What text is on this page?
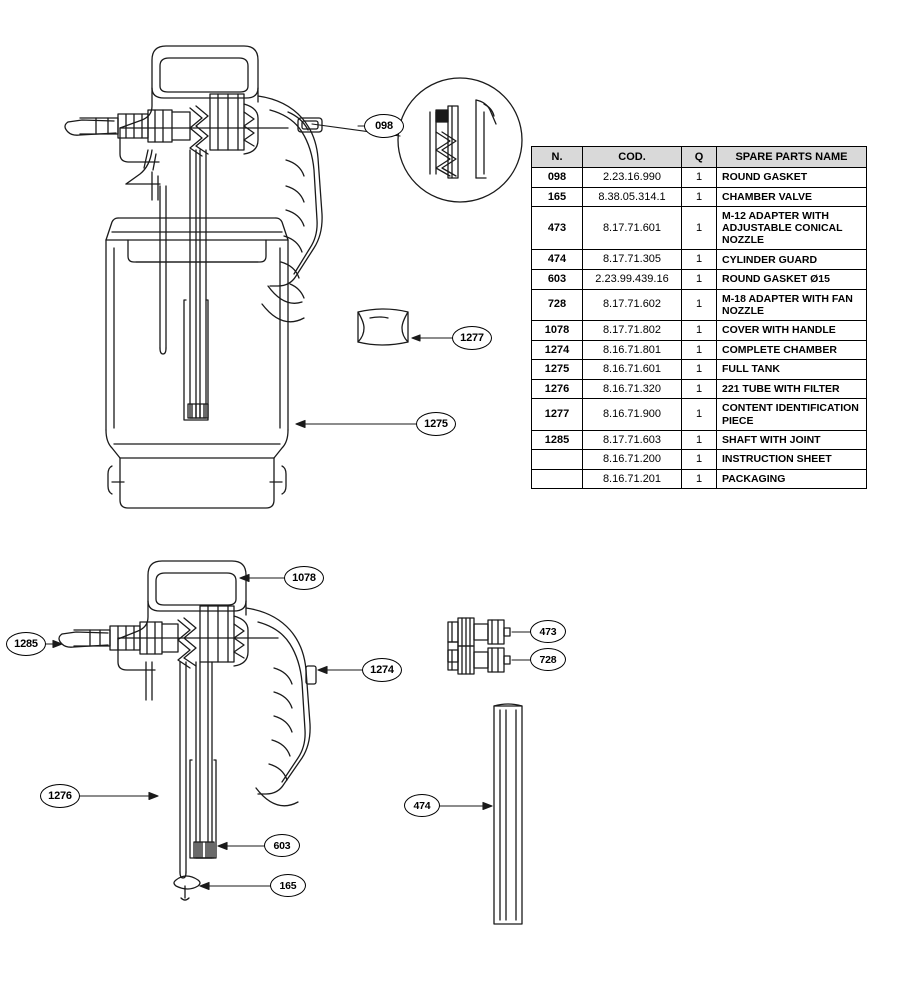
N.	COD.	Q	SPARE PARTS NAME
098	2.23.16.990	1	ROUND GASKET
165	8.38.05.314.1	1	CHAMBER VALVE
473	8.17.71.601	1	M-12 ADAPTER WITH ADJUSTABLE CONICAL NOZZLE
474	8.17.71.305	1	CYLINDER GUARD
603	2.23.99.439.16	1	ROUND GASKET Ø15
728	8.17.71.602	1	M-18 ADAPTER WITH FAN NOZZLE
1078	8.17.71.802	1	COVER WITH HANDLE
1274	8.16.71.801	1	COMPLETE CHAMBER
1275	8.16.71.601	1	FULL TANK
1276	8.16.71.320	1	221 TUBE WITH FILTER
1277	8.16.71.900	1	CONTENT IDENTIFICATION PIECE
1285	8.17.71.603	1	SHAFT WITH JOINT
	8.16.71.200	1	INSTRUCTION SHEET
	8.16.71.201	1	PACKAGING
098
1277
1275
1078
1285
1274
1276
603
165
473
728
474
